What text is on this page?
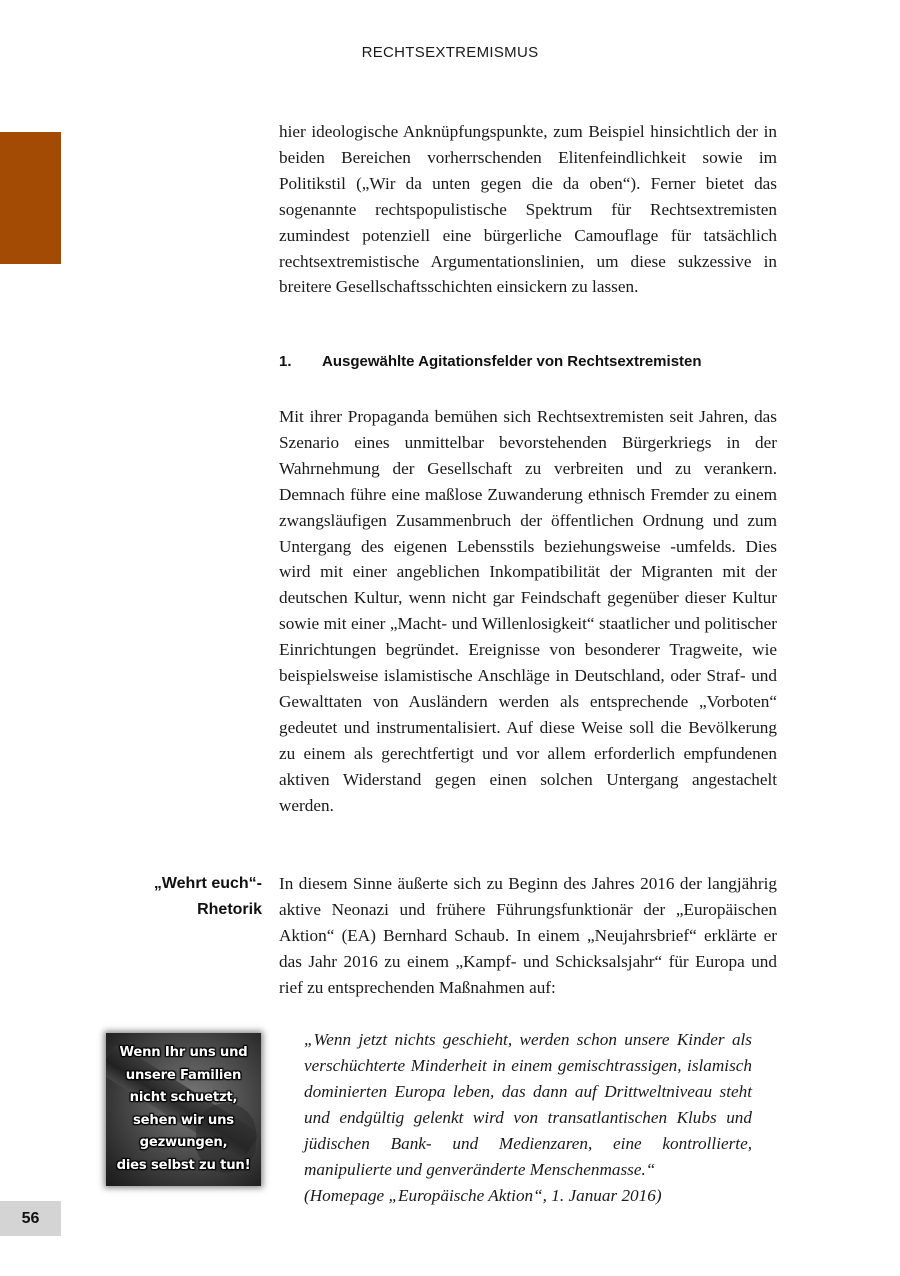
RECHTSEXTREMISMUS

hier ideologische Anknüpfungspunkte, zum Beispiel hinsichtlich der in beiden Bereichen vorherrschenden Elitenfeindlichkeit sowie im Politikstil („Wir da unten gegen die da oben“). Ferner bietet das sogenannte rechtspopulistische Spektrum für Rechtsextremisten zumindest potenziell eine bürgerliche Camouflage für tatsächlich rechtsextremistische Argumentationslinien, um diese sukzessive in breitere Gesellschaftsschichten einsickern zu lassen.

1.	Ausgewählte Agitationsfelder von Rechtsextremisten

Mit ihrer Propaganda bemühen sich Rechtsextremisten seit Jahren, das Szenario eines unmittelbar bevorstehenden Bürgerkriegs in der Wahrnehmung der Gesellschaft zu verbreiten und zu verankern. Demnach führe eine maßlose Zuwanderung ethnisch Fremder zu einem zwangsläufigen Zusammenbruch der öffentlichen Ordnung und zum Untergang des eigenen Lebensstils beziehungsweise -umfelds. Dies wird mit einer angeblichen Inkompatibilität der Migranten mit der deutschen Kultur, wenn nicht gar Feindschaft gegenüber dieser Kultur sowie mit einer „Macht- und Willenlosigkeit“ staatlicher und politischer Einrichtungen begründet. Ereignisse von besonderer Tragweite, wie beispielsweise islamistische Anschläge in Deutschland, oder Straf- und Gewalttaten von Ausländern werden als entsprechende „Vorboten“ gedeutet und instrumentalisiert. Auf diese Weise soll die Bevölkerung zu einem als gerechtfertigt und vor allem erforderlich empfundenen aktiven Widerstand gegen einen solchen Untergang angestachelt werden.

„Wehrt euch“-
Rhetorik

In diesem Sinne äußerte sich zu Beginn des Jahres 2016 der langjährig aktive Neonazi und frühere Führungsfunktionär der „Europäischen Aktion“ (EA) Bernhard Schaub. In einem „Neujahrsbrief“ erklärte er das Jahr 2016 zu einem „Kampf- und Schicksalsjahr“ für Europa und rief zu entsprechenden Maßnahmen auf:

Wenn Ihr uns und
unsere Familien
nicht schuetzt,
sehen wir uns
gezwungen,
dies selbst zu tun!

„Wenn jetzt nichts geschieht, werden schon unsere Kinder als verschüchterte Minderheit in einem gemischtrassigen, islamisch dominierten Europa leben, das dann auf Drittweltniveau steht und endgültig gelenkt wird von transatlantischen Klubs und jüdischen Bank- und Medienzaren, eine kontrollierte, manipulierte und genveränderte Menschenmasse.“

(Homepage „Europäische Aktion“, 1. Januar 2016)

56
